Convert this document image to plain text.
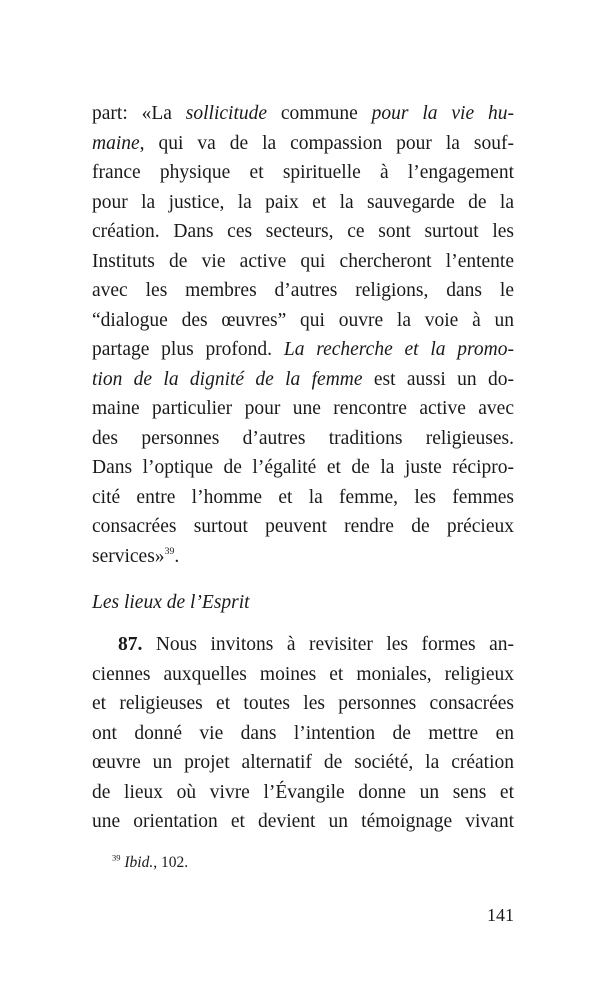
part: «La sollicitude commune pour la vie hu-
maine, qui va de la compassion pour la souf-
france physique et spirituelle à l’engagement
pour la justice, la paix et la sauvegarde de la
création. Dans ces secteurs, ce sont surtout les
Instituts de vie active qui chercheront l’entente
avec les membres d’autres religions, dans le
“dialogue des œuvres” qui ouvre la voie à un
partage plus profond. La recherche et la promo-
tion de la dignité de la femme est aussi un do-
maine particulier pour une rencontre active avec
des personnes d’autres traditions religieuses.
Dans l’optique de l’égalité et de la juste récipro-
cité entre l’homme et la femme, les femmes
consacrées surtout peuvent rendre de précieux
services»$^{39}$.
Les lieux de l’Esprit
87. Nous invitons à revisiter les formes an-
ciennes auxquelles moines et moniales, religieux
et religieuses et toutes les personnes consacrées
ont donné vie dans l’intention de mettre en
œuvre un projet alternatif de société, la création
de lieux où vivre l’Évangile donne un sens et
une orientation et devient un témoignage vivant
$^{39}$ Ibid., 102.
141
